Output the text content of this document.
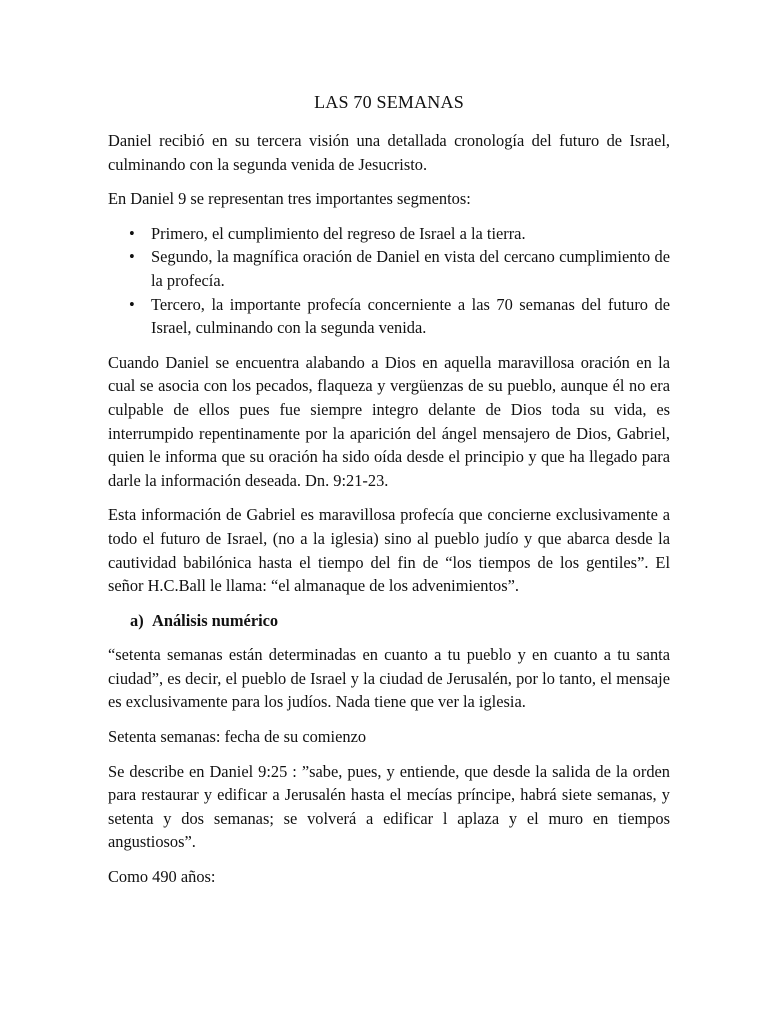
LAS 70 SEMANAS

Daniel recibió en su tercera visión una detallada cronología del futuro de Israel, culminando con la segunda venida de Jesucristo.

En Daniel 9 se representan tres importantes segmentos:

• Primero, el cumplimiento del regreso de Israel a la tierra.
• Segundo, la magnífica oración de Daniel en vista del cercano cumplimiento de la profecía.
• Tercero, la importante profecía concerniente a las 70 semanas del futuro de Israel, culminando con la segunda venida.

Cuando Daniel se encuentra alabando a Dios en aquella maravillosa oración en la cual se asocia con los pecados, flaqueza y vergüenzas de su pueblo, aunque él no era culpable de ellos pues fue siempre integro delante de Dios toda su vida, es interrumpido repentinamente por la aparición del ángel mensajero de Dios, Gabriel, quien le informa que su oración ha sido oída desde el principio y que ha llegado para darle la información deseada. Dn. 9:21-23.

Esta información de Gabriel es maravillosa profecía que concierne exclusivamente a todo el futuro de Israel, (no a la iglesia) sino al pueblo judío y que abarca desde la cautividad babilónica hasta el tiempo del fin de “los tiempos de los gentiles”. El señor H.C.Ball le llama: “el almanaque de los advenimientos”.

a) Análisis numérico

“setenta semanas están determinadas en cuanto a tu pueblo y en cuanto a tu santa ciudad”, es decir, el pueblo de Israel y la ciudad de Jerusalén, por lo tanto, el mensaje es exclusivamente para los judíos. Nada tiene que ver la iglesia.

Setenta semanas: fecha de su comienzo

Se describe en Daniel 9:25 : ”sabe, pues, y entiende, que desde la salida de la orden para restaurar y edificar a Jerusalén hasta el mecías príncipe, habrá siete semanas, y setenta y dos semanas; se volverá a edificar l aplaza y el muro en tiempos angustiosos”.

Como 490 años:
